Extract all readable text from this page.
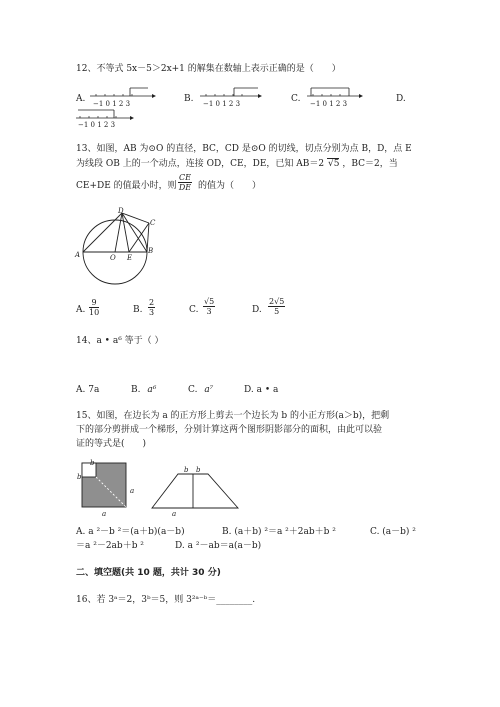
12、不等式 5x－5＞2x+1 的解集在数轴上表示正确的是（　　）
A. −1 0 1 2 3	B. −1 0 1 2 3	C. −1 0 1 2 3	D.
−1 0 1 2 3
13、如图，AB 为⊙O 的直径，BC，CD 是⊙O 的切线，切点分别为点 B，D，点 E
为线段 OB 上的一个动点，连接 OD，CE，DE，已知 AB＝2 √5 ，BC＝2，当
CE+DE 的值最小时，则 $\frac{CE}{DE}$ 的值为（　　）
A	B
C
D
O E
A. $\frac{9}{10}$	B. $\frac{2}{3}$	C. $\frac{√5}{3}$	D. $\frac{2√5}{5}$
14、a • a⁶ 等于（ ）
A. 7a	B. a⁶	C. a⁷	D. a • a
15、如图，在边长为 a 的正方形上剪去一个边长为 b 的小正方形(a＞b)，把剩
下的部分剪拼成一个梯形，分别计算这两个图形阴影部分的面积，由此可以验
证的等式是(　　)
b
b
a
a
b b
a
A. a ²－b ²＝(a＋b)(a－b)	B. (a＋b) ²＝a ²＋2ab＋b ²	C. (a－b) ²
＝a ²－2ab＋b ²	D. a ²－ab＝a(a－b)
二、填空题(共 10 题，共计 30 分)
16、若 3ᵃ＝2，3ᵇ＝5，则 3²ᵃ⁻ᵇ＝________.
